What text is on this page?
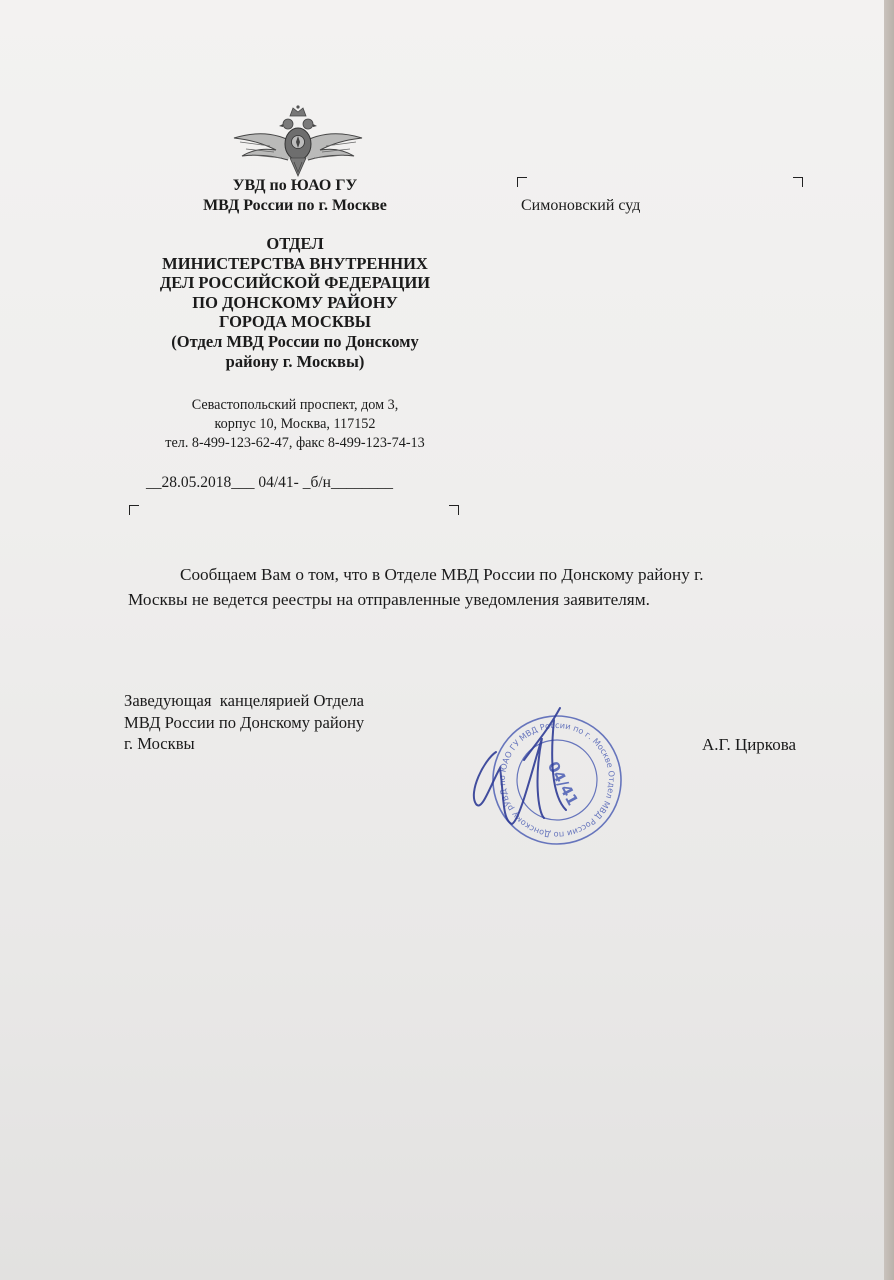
УВД по ЮАО ГУ
МВД России по г. Москве
ОТДЕЛ
МИНИСТЕРСТВА ВНУТРЕННИХ
ДЕЛ РОССИЙСКОЙ ФЕДЕРАЦИИ
ПО ДОНСКОМУ РАЙОНУ
ГОРОДА МОСКВЫ
(Отдел МВД России по Донскому
району г. Москвы)
Севастопольский проспект, дом 3,
корпус 10, Москва, 117152
тел. 8-499-123-62-47, факс 8-499-123-74-13
__28.05.2018___ 04/41- _б/н________
Симоновский суд
Сообщаем Вам о том, что в Отделе МВД России по Донскому району г.
Москвы не ведется реестры на отправленные уведомления заявителям.
Заведующая  канцелярией Отдела
МВД России по Донскому району
г. Москвы	А.Г. Циркова
УВД по ЮАО ГУ МВД России по г. Москве Отдел МВД России по Донскому району
04/41
